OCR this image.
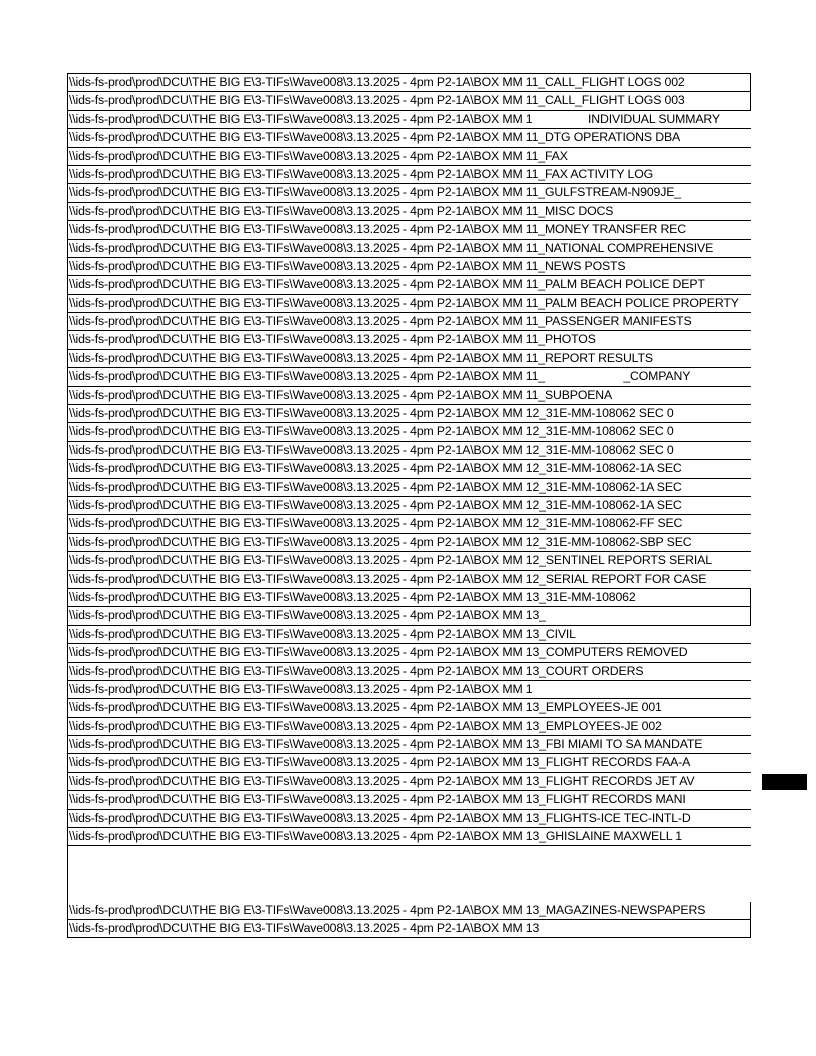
\\ids-fs-prod\prod\DCU\THE BIG E\3-TIFs\Wave008\3.13.2025 - 4pm P2-1A\BOX MM 11_CALL_FLIGHT LOGS 002
\\ids-fs-prod\prod\DCU\THE BIG E\3-TIFs\Wave008\3.13.2025 - 4pm P2-1A\BOX MM 11_CALL_FLIGHT LOGS 003
\\ids-fs-prod\prod\DCU\THE BIG E\3-TIFs\Wave008\3.13.2025 - 4pm P2-1A\BOX MM 1                 INDIVIDUAL SUMMARY
\\ids-fs-prod\prod\DCU\THE BIG E\3-TIFs\Wave008\3.13.2025 - 4pm P2-1A\BOX MM 11_DTG OPERATIONS DBA
\\ids-fs-prod\prod\DCU\THE BIG E\3-TIFs\Wave008\3.13.2025 - 4pm P2-1A\BOX MM 11_FAX
\\ids-fs-prod\prod\DCU\THE BIG E\3-TIFs\Wave008\3.13.2025 - 4pm P2-1A\BOX MM 11_FAX ACTIVITY LOG
\\ids-fs-prod\prod\DCU\THE BIG E\3-TIFs\Wave008\3.13.2025 - 4pm P2-1A\BOX MM 11_GULFSTREAM-N909JE_
\\ids-fs-prod\prod\DCU\THE BIG E\3-TIFs\Wave008\3.13.2025 - 4pm P2-1A\BOX MM 11_MISC DOCS
\\ids-fs-prod\prod\DCU\THE BIG E\3-TIFs\Wave008\3.13.2025 - 4pm P2-1A\BOX MM 11_MONEY TRANSFER REC
\\ids-fs-prod\prod\DCU\THE BIG E\3-TIFs\Wave008\3.13.2025 - 4pm P2-1A\BOX MM 11_NATIONAL COMPREHENSIVE
\\ids-fs-prod\prod\DCU\THE BIG E\3-TIFs\Wave008\3.13.2025 - 4pm P2-1A\BOX MM 11_NEWS POSTS
\\ids-fs-prod\prod\DCU\THE BIG E\3-TIFs\Wave008\3.13.2025 - 4pm P2-1A\BOX MM 11_PALM BEACH POLICE DEPT
\\ids-fs-prod\prod\DCU\THE BIG E\3-TIFs\Wave008\3.13.2025 - 4pm P2-1A\BOX MM 11_PALM BEACH POLICE PROPERTY
\\ids-fs-prod\prod\DCU\THE BIG E\3-TIFs\Wave008\3.13.2025 - 4pm P2-1A\BOX MM 11_PASSENGER MANIFESTS
\\ids-fs-prod\prod\DCU\THE BIG E\3-TIFs\Wave008\3.13.2025 - 4pm P2-1A\BOX MM 11_PHOTOS
\\ids-fs-prod\prod\DCU\THE BIG E\3-TIFs\Wave008\3.13.2025 - 4pm P2-1A\BOX MM 11_REPORT RESULTS
\\ids-fs-prod\prod\DCU\THE BIG E\3-TIFs\Wave008\3.13.2025 - 4pm P2-1A\BOX MM 11_                        _COMPANY
\\ids-fs-prod\prod\DCU\THE BIG E\3-TIFs\Wave008\3.13.2025 - 4pm P2-1A\BOX MM 11_SUBPOENA
\\ids-fs-prod\prod\DCU\THE BIG E\3-TIFs\Wave008\3.13.2025 - 4pm P2-1A\BOX MM 12_31E-MM-108062 SEC 0
\\ids-fs-prod\prod\DCU\THE BIG E\3-TIFs\Wave008\3.13.2025 - 4pm P2-1A\BOX MM 12_31E-MM-108062 SEC 0
\\ids-fs-prod\prod\DCU\THE BIG E\3-TIFs\Wave008\3.13.2025 - 4pm P2-1A\BOX MM 12_31E-MM-108062 SEC 0
\\ids-fs-prod\prod\DCU\THE BIG E\3-TIFs\Wave008\3.13.2025 - 4pm P2-1A\BOX MM 12_31E-MM-108062-1A SEC
\\ids-fs-prod\prod\DCU\THE BIG E\3-TIFs\Wave008\3.13.2025 - 4pm P2-1A\BOX MM 12_31E-MM-108062-1A SEC
\\ids-fs-prod\prod\DCU\THE BIG E\3-TIFs\Wave008\3.13.2025 - 4pm P2-1A\BOX MM 12_31E-MM-108062-1A SEC
\\ids-fs-prod\prod\DCU\THE BIG E\3-TIFs\Wave008\3.13.2025 - 4pm P2-1A\BOX MM 12_31E-MM-108062-FF SEC
\\ids-fs-prod\prod\DCU\THE BIG E\3-TIFs\Wave008\3.13.2025 - 4pm P2-1A\BOX MM 12_31E-MM-108062-SBP SEC
\\ids-fs-prod\prod\DCU\THE BIG E\3-TIFs\Wave008\3.13.2025 - 4pm P2-1A\BOX MM 12_SENTINEL REPORTS SERIAL
\\ids-fs-prod\prod\DCU\THE BIG E\3-TIFs\Wave008\3.13.2025 - 4pm P2-1A\BOX MM 12_SERIAL REPORT FOR CASE
\\ids-fs-prod\prod\DCU\THE BIG E\3-TIFs\Wave008\3.13.2025 - 4pm P2-1A\BOX MM 13_31E-MM-108062
\\ids-fs-prod\prod\DCU\THE BIG E\3-TIFs\Wave008\3.13.2025 - 4pm P2-1A\BOX MM 13_
\\ids-fs-prod\prod\DCU\THE BIG E\3-TIFs\Wave008\3.13.2025 - 4pm P2-1A\BOX MM 13_CIVIL
\\ids-fs-prod\prod\DCU\THE BIG E\3-TIFs\Wave008\3.13.2025 - 4pm P2-1A\BOX MM 13_COMPUTERS REMOVED
\\ids-fs-prod\prod\DCU\THE BIG E\3-TIFs\Wave008\3.13.2025 - 4pm P2-1A\BOX MM 13_COURT ORDERS
\\ids-fs-prod\prod\DCU\THE BIG E\3-TIFs\Wave008\3.13.2025 - 4pm P2-1A\BOX MM 1
\\ids-fs-prod\prod\DCU\THE BIG E\3-TIFs\Wave008\3.13.2025 - 4pm P2-1A\BOX MM 13_EMPLOYEES-JE 001
\\ids-fs-prod\prod\DCU\THE BIG E\3-TIFs\Wave008\3.13.2025 - 4pm P2-1A\BOX MM 13_EMPLOYEES-JE 002
\\ids-fs-prod\prod\DCU\THE BIG E\3-TIFs\Wave008\3.13.2025 - 4pm P2-1A\BOX MM 13_FBI MIAMI TO SA MANDATE
\\ids-fs-prod\prod\DCU\THE BIG E\3-TIFs\Wave008\3.13.2025 - 4pm P2-1A\BOX MM 13_FLIGHT RECORDS FAA-A
\\ids-fs-prod\prod\DCU\THE BIG E\3-TIFs\Wave008\3.13.2025 - 4pm P2-1A\BOX MM 13_FLIGHT RECORDS JET AV
\\ids-fs-prod\prod\DCU\THE BIG E\3-TIFs\Wave008\3.13.2025 - 4pm P2-1A\BOX MM 13_FLIGHT RECORDS MANI
\\ids-fs-prod\prod\DCU\THE BIG E\3-TIFs\Wave008\3.13.2025 - 4pm P2-1A\BOX MM 13_FLIGHTS-ICE TEC-INTL-D
\\ids-fs-prod\prod\DCU\THE BIG E\3-TIFs\Wave008\3.13.2025 - 4pm P2-1A\BOX MM 13_GHISLAINE MAXWELL 1
\\ids-fs-prod\prod\DCU\THE BIG E\3-TIFs\Wave008\3.13.2025 - 4pm P2-1A\BOX MM 13_MAGAZINES-NEWSPAPERS
\\ids-fs-prod\prod\DCU\THE BIG E\3-TIFs\Wave008\3.13.2025 - 4pm P2-1A\BOX MM 13
